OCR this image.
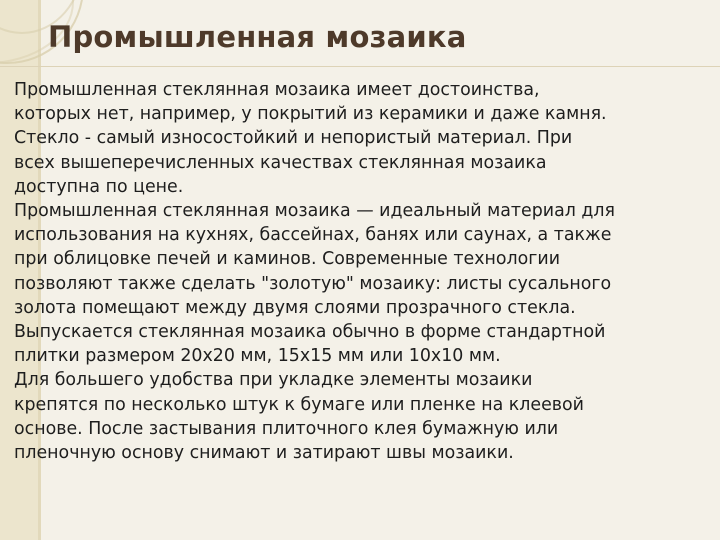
Промышленная мозаика

Промышленная стеклянная мозаика имеет достоинства,
которых нет, например, у покрытий из керамики и даже камня.
Стекло - самый износостойкий и непористый материал. При
всех вышеперечисленных качествах стеклянная мозаика
доступна по цене.

Промышленная стеклянная мозаика — идеальный материал для
использования на кухнях, бассейнах, банях или саунах, а также
при облицовке печей и каминов. Современные технологии
позволяют также сделать "золотую" мозаику: листы сусального
золота помещают между двумя слоями прозрачного стекла.
Выпускается стеклянная мозаика обычно в форме стандартной
плитки размером 20x20 мм, 15x15 мм или 10x10 мм.

Для большего удобства при укладке элементы мозаики
крепятся по несколько штук к бумаге или пленке на клеевой
основе. После застывания плиточного клея бумажную или
пленочную основу снимают и затирают швы мозаики.
